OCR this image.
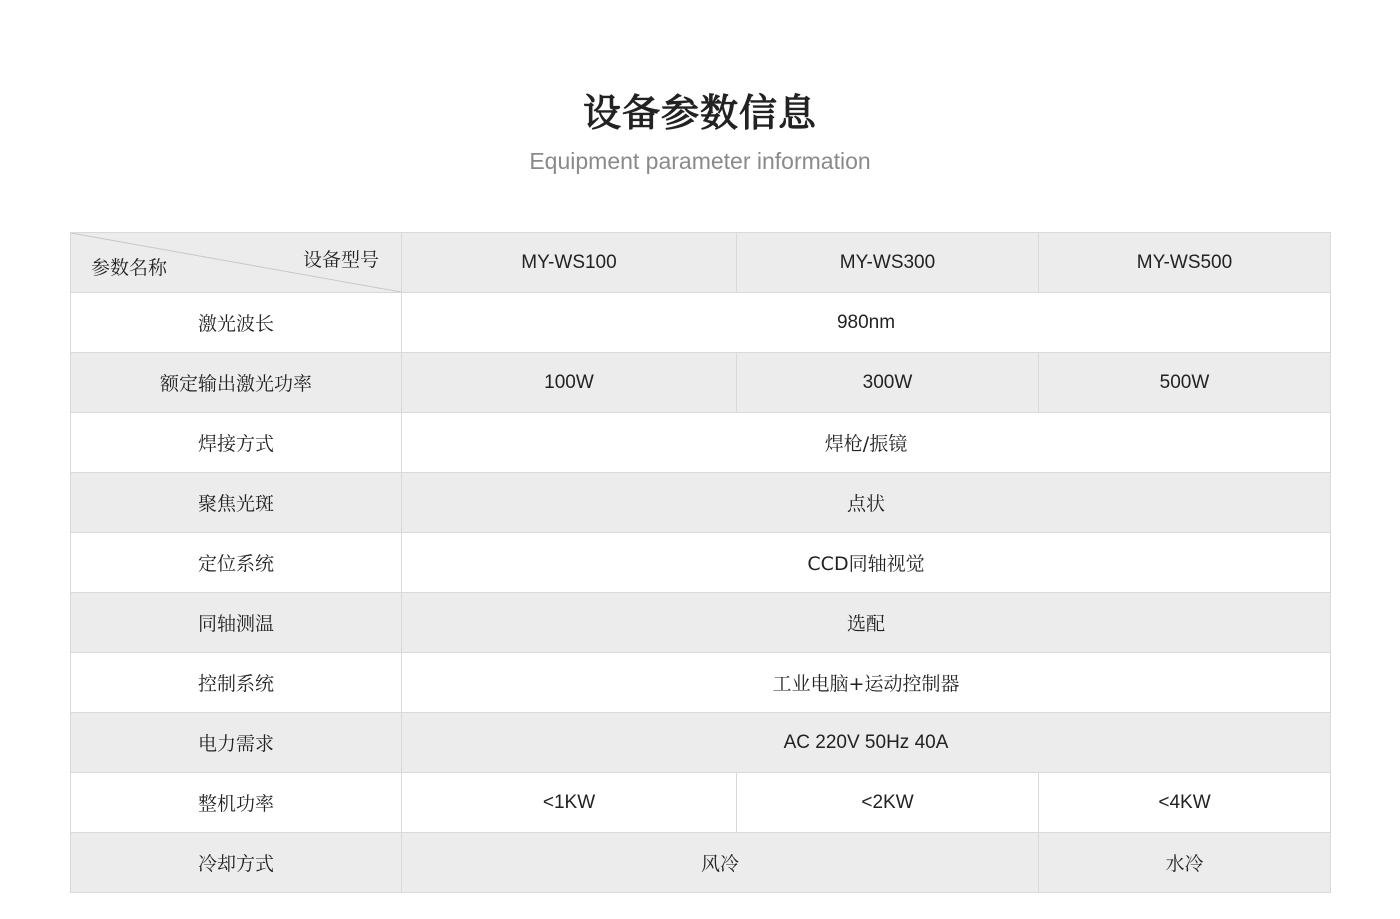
设备参数信息
Equipment parameter information
设备型号
参数名称	MY-WS100	MY-WS300	MY-WS500
激光波长	980nm		
额定输出激光功率	100W	300W	500W
焊接方式	焊枪/振镜		
聚焦光斑	点状		
定位系统	CCD同轴视觉		
同轴测温	选配		
控制系统	工业电脑+运动控制器		
电力需求	AC 220V 50Hz 40A		
整机功率	<1KW	<2KW	<4KW
冷却方式	风冷		水冷
